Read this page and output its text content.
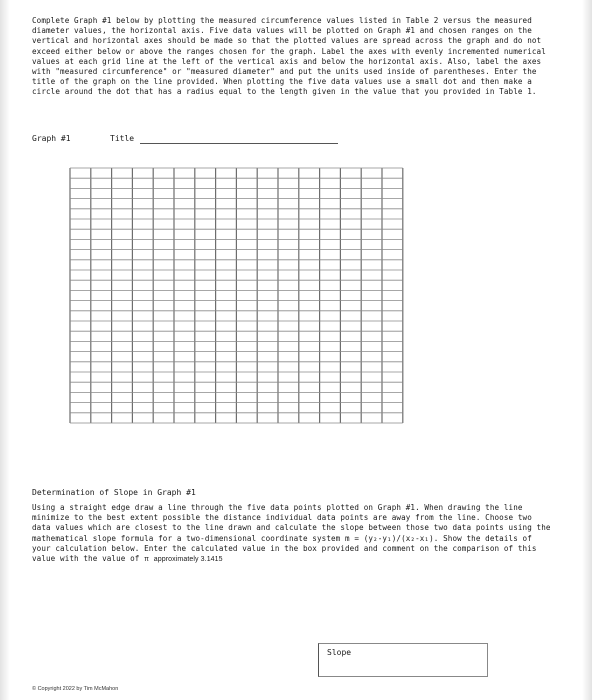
Complete Graph #1 below by plotting the measured circumference values listed in Table 2 versus the measured diameter values, the horizontal axis. Five data values will be plotted on Graph #1 and chosen ranges on the vertical and horizontal axes should be made so that the plotted values are spread across the graph and do not exceed either below or above the ranges chosen for the graph. Label the axes with evenly incremented numerical values at each grid line at the left of the vertical axis and below the horizontal axis. Also, label the axes with "measured circumference" or "measured diameter" and put the units used inside of parentheses. Enter the title of the graph on the line provided. When plotting the five data values use a small dot and then make a circle around the dot that has a radius equal to the length given in the value that you provided in Table 1.
Graph #1	Title
Determination of Slope in Graph #1
Using a straight edge draw a line through the five data points plotted on Graph #1. When drawing the line minimize to the best extent possible the distance individual data points are away from the line. Choose two data values which are closest to the line drawn and calculate the slope between those two data points using the mathematical slope formula for a two-dimensional coordinate system m = (y₂-y₁)/(x₂-x₁). Show the details of your calculation below. Enter the calculated value in the box provided and comment on the comparison of this value with the value of π approximately 3.1415
Slope
© Copyright 2022 by Tim McMahon
